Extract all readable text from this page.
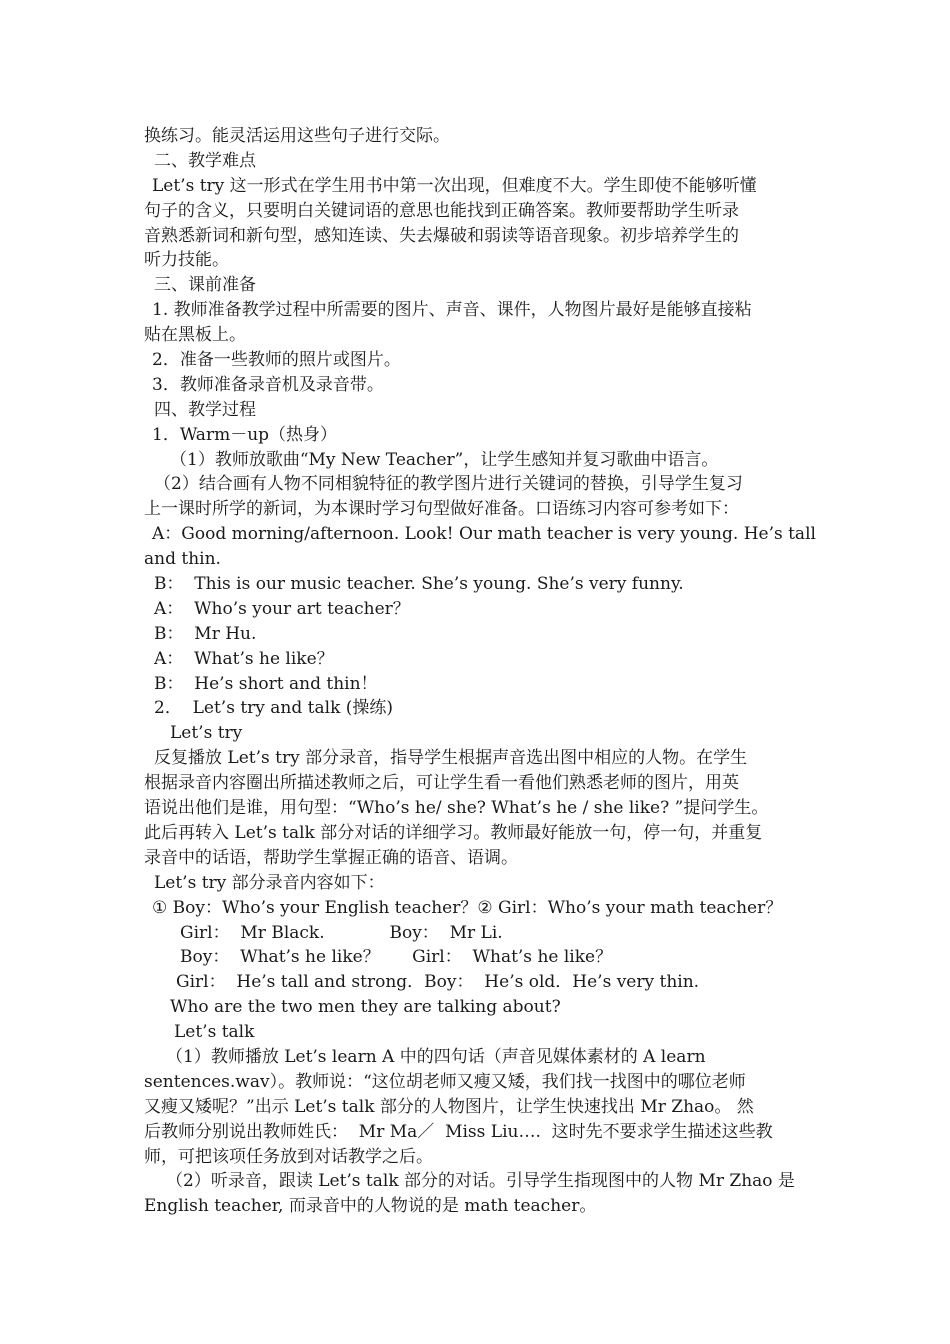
换练习。能灵活运用这些句子进行交际。
二、教学难点
Let’s try 这一形式在学生用书中第一次出现，但难度不大。学生即使不能够听懂
句子的含义，只要明白关键词语的意思也能找到正确答案。教师要帮助学生听录
音熟悉新词和新句型，感知连读、失去爆破和弱读等语音现象。初步培养学生的
听力技能。
三、课前准备
1. 教师准备教学过程中所需要的图片、声音、课件，人物图片最好是能够直接粘
贴在黑板上。
2．准备一些教师的照片或图片。
3．教师准备录音机及录音带。
四、教学过程
1．Warm－up（热身）
（1）教师放歌曲“My New Teacher”，让学生感知并复习歌曲中语言。
（2）结合画有人物不同相貌特征的教学图片进行关键词的替换，引导学生复习
上一课时所学的新词，为本课时学习句型做好准备。口语练习内容可参考如下：
A：Good morning/afternoon. Look! Our math teacher is very young. He’s tall
and thin.
B：  This is our music teacher. She’s young. She’s very funny.
A：  Who’s your art teacher？
B：  Mr Hu.
A：  What’s he like？
B：  He’s short and thin！
2．  Let’s try and talk (操练)
Let’s try
反复播放 Let’s try 部分录音，指导学生根据声音选出图中相应的人物。在学生
根据录音内容圈出所描述教师之后，可让学生看一看他们熟悉老师的图片，用英
语说出他们是谁，用句型：“Who’s he/ she? What’s he / she like? ”提问学生。
此后再转入 Let’s talk 部分对话的详细学习。教师最好能放一句，停一句，并重复
录音中的话语，帮助学生掌握正确的语音、语调。
Let’s try 部分录音内容如下：
① Boy：Who’s your English teacher？② Girl：Who’s your math teacher？
Girl：  Mr Black.            Boy：  Mr Li.
Boy：  What’s he like？      Girl：  What’s he like？
Girl：  He’s tall and strong．Boy：  He’s old．He’s very thin.
Who are the two men they are talking about?
Let’s talk
（1）教师播放 Let’s learn A 中的四句话（声音见媒体素材的 A learn
sentences.wav）。教师说：“这位胡老师又瘦又矮，我们找一找图中的哪位老师
又瘦又矮呢？”出示 Let’s talk 部分的人物图片，让学生快速找出 Mr Zhao。 然
后教师分别说出教师姓氏：  Mr Ma／  Miss Liu….  这时先不要求学生描述这些教
师，可把该项任务放到对话教学之后。
（2）听录音，跟读 Let’s talk 部分的对话。引导学生指现图中的人物 Mr Zhao 是
English teacher, 而录音中的人物说的是 math teacher。
